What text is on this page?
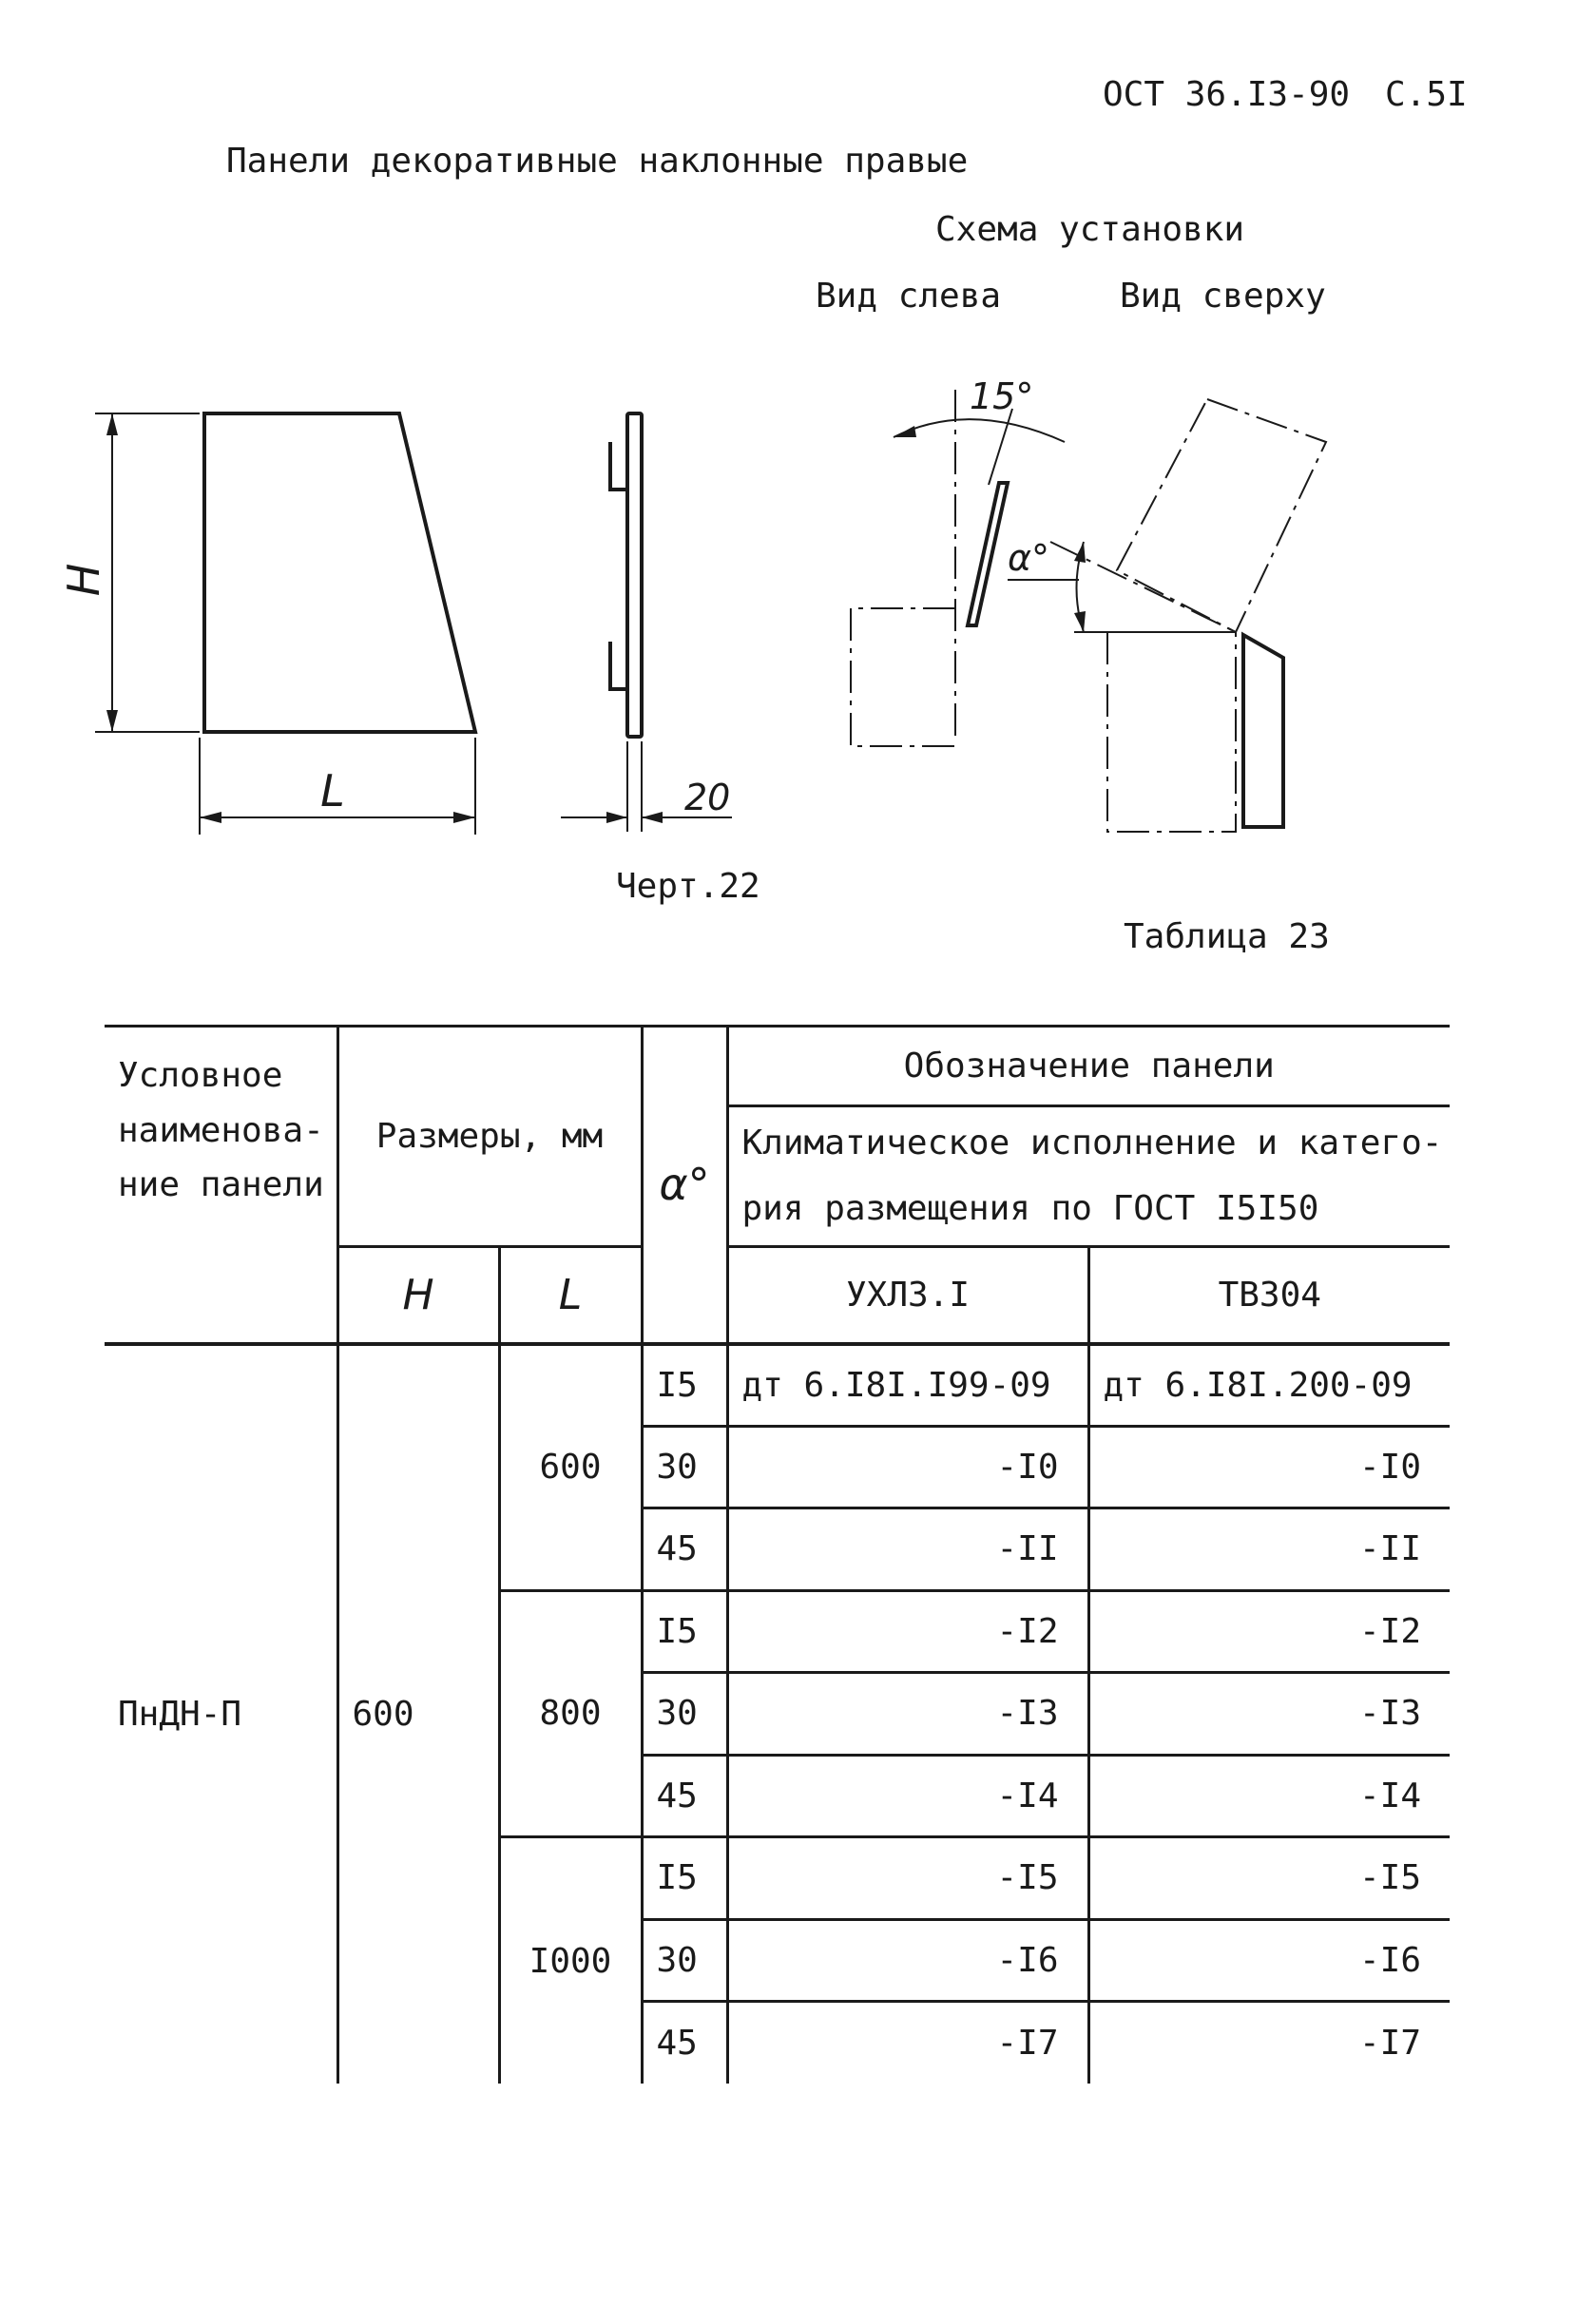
ОСТ 36.I3-90 С.5I
Панели декоративные наклонные правые
Схема установки
Вид слева	Вид сверху
H
L	20
15°
α°
Черт.22
Таблица 23
Условное наименова- ние панели	Размеры, мм		α°	Обозначение панели	
				Климатическое исполнение и катего- рия размещения по ГОСТ I5I50	
	H	L		УХЛ3.I	ТВ304
ПнДН-П	600	600	I5	дт 6.I8I.I99-09	дт 6.I8I.200-09
			30	-I0	-I0
			45	-II	-II
		800	I5	-I2	-I2
			30	-I3	-I3
			45	-I4	-I4
		I000	I5	-I5	-I5
			30	-I6	-I6
			45	-I7	-I7
